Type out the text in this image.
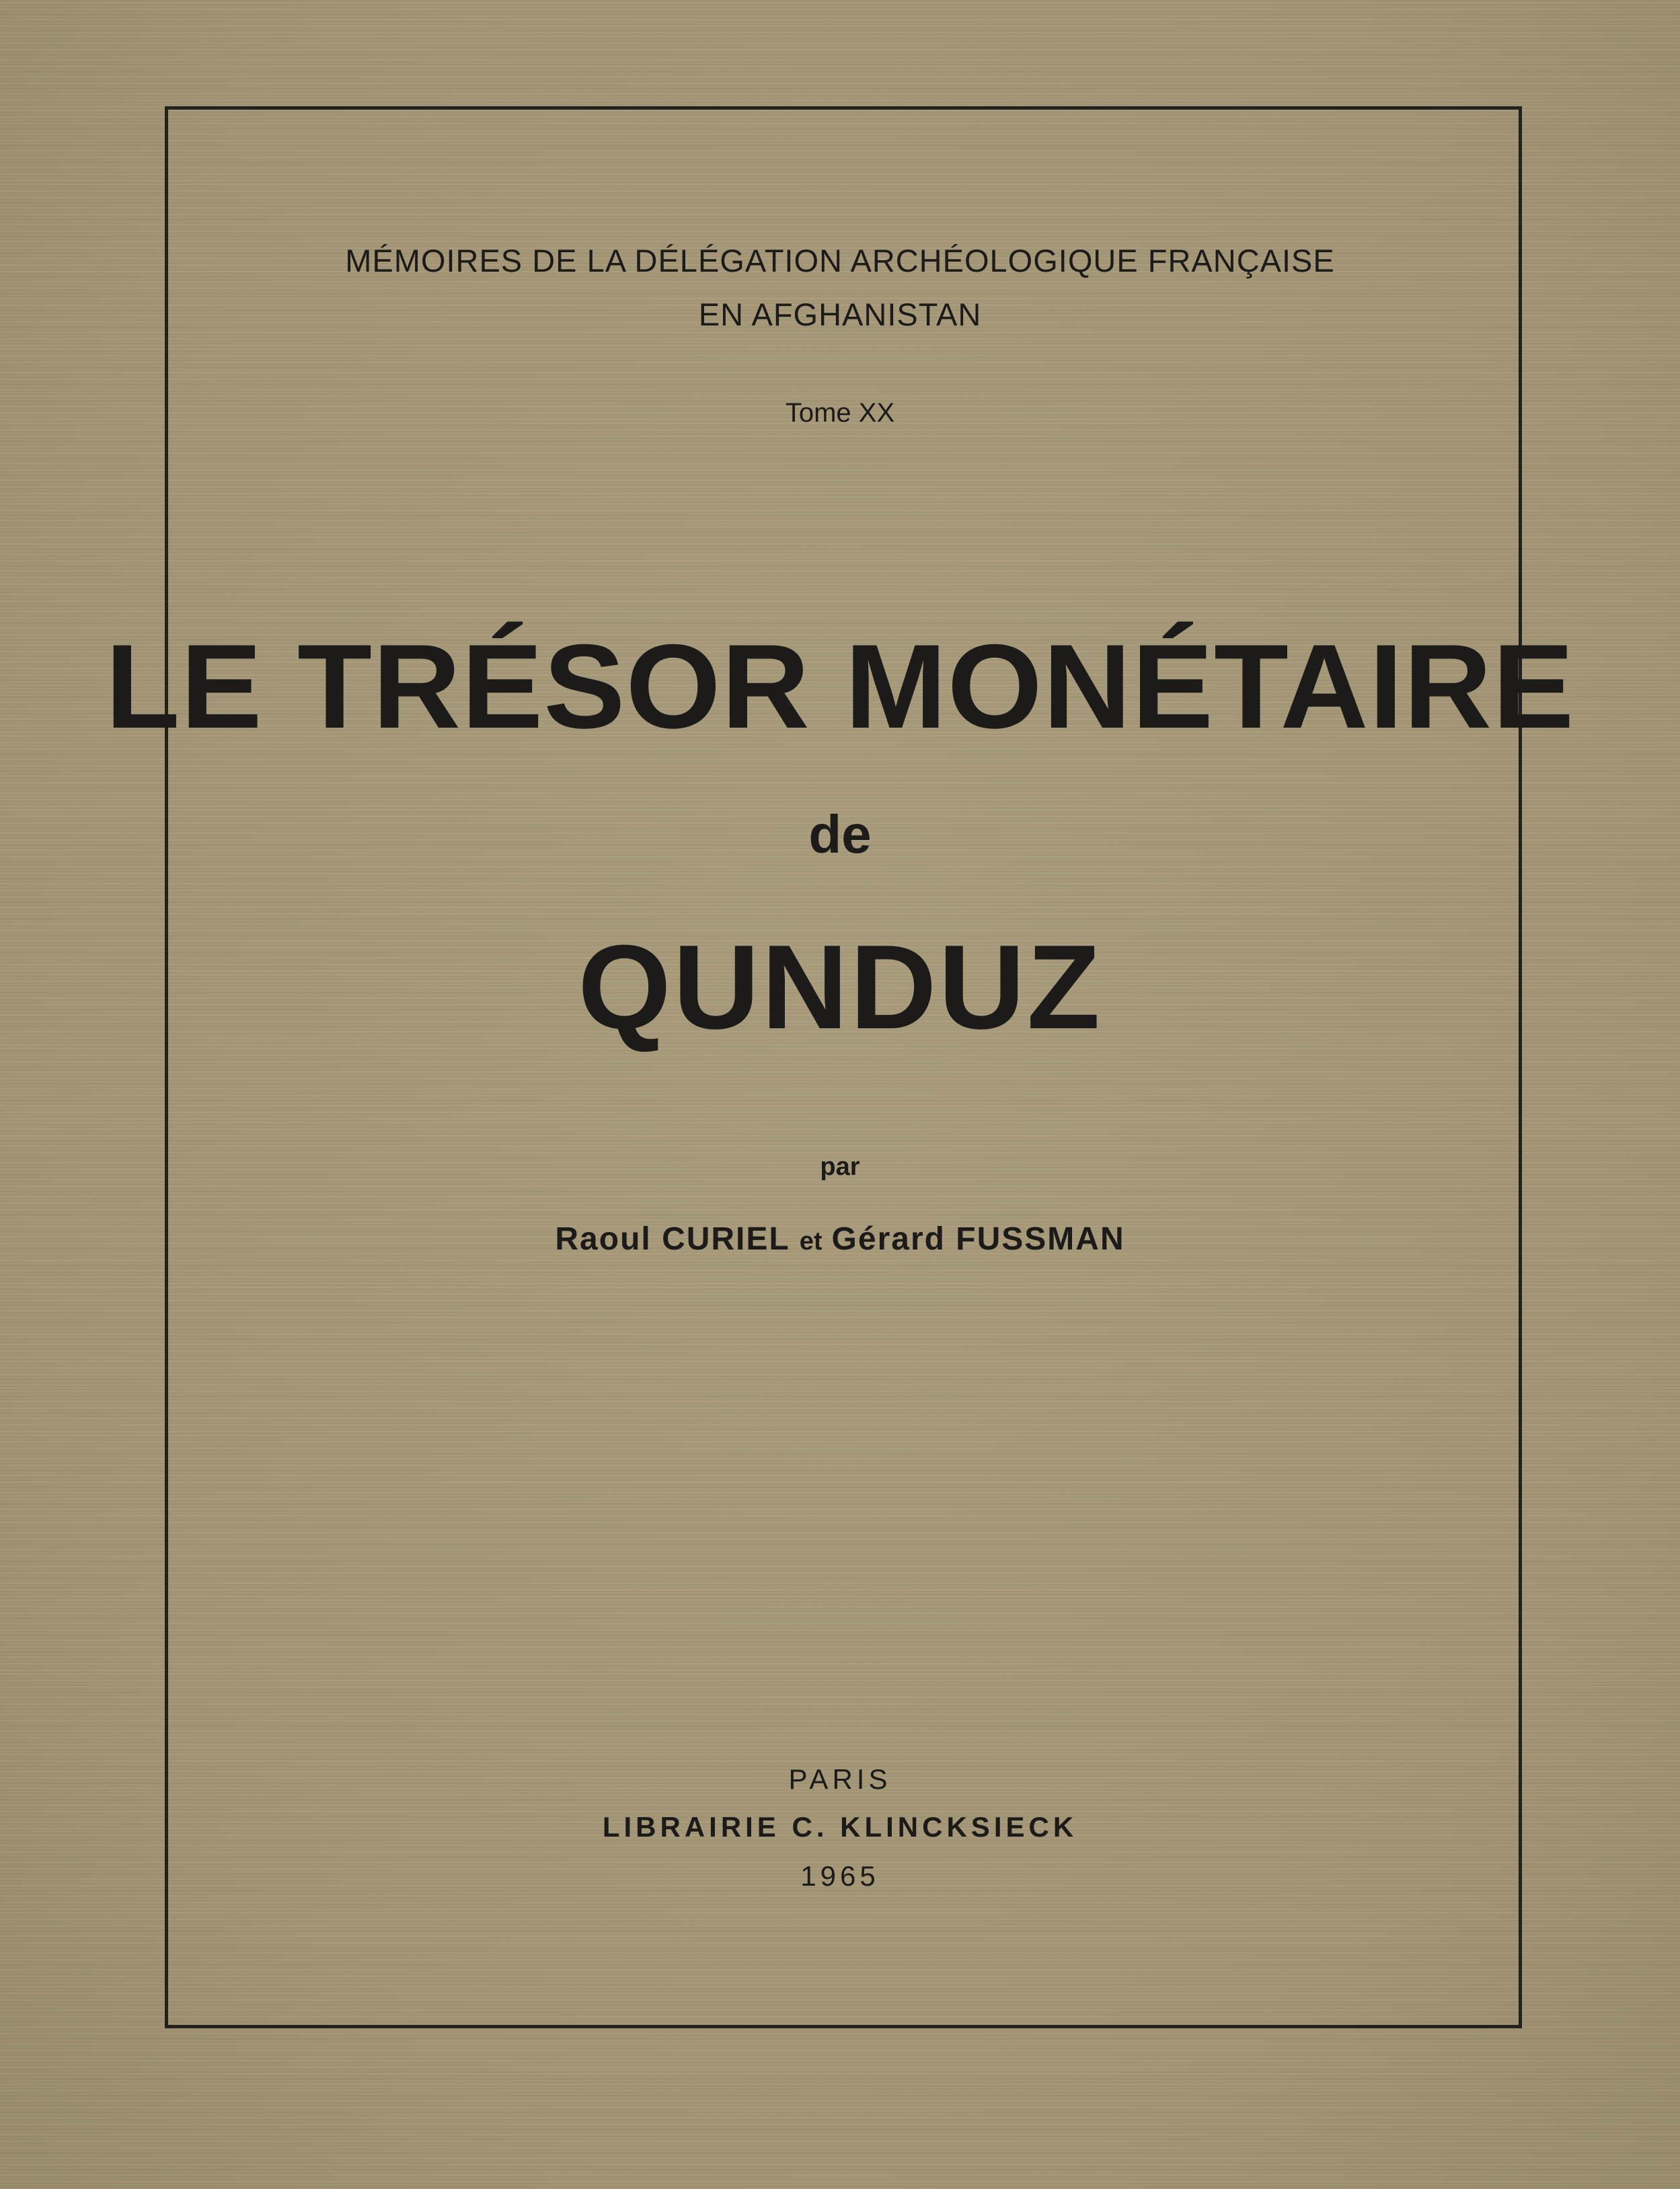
MÉMOIRES DE LA DÉLÉGATION ARCHÉOLOGIQUE FRANÇAISE
EN AFGHANISTAN
Tome XX
LE TRÉSOR MONÉTAIRE
de
QUNDUZ
par
Raoul CURIEL et Gérard FUSSMAN
PARIS
LIBRAIRIE C. KLINCKSIECK
1965
